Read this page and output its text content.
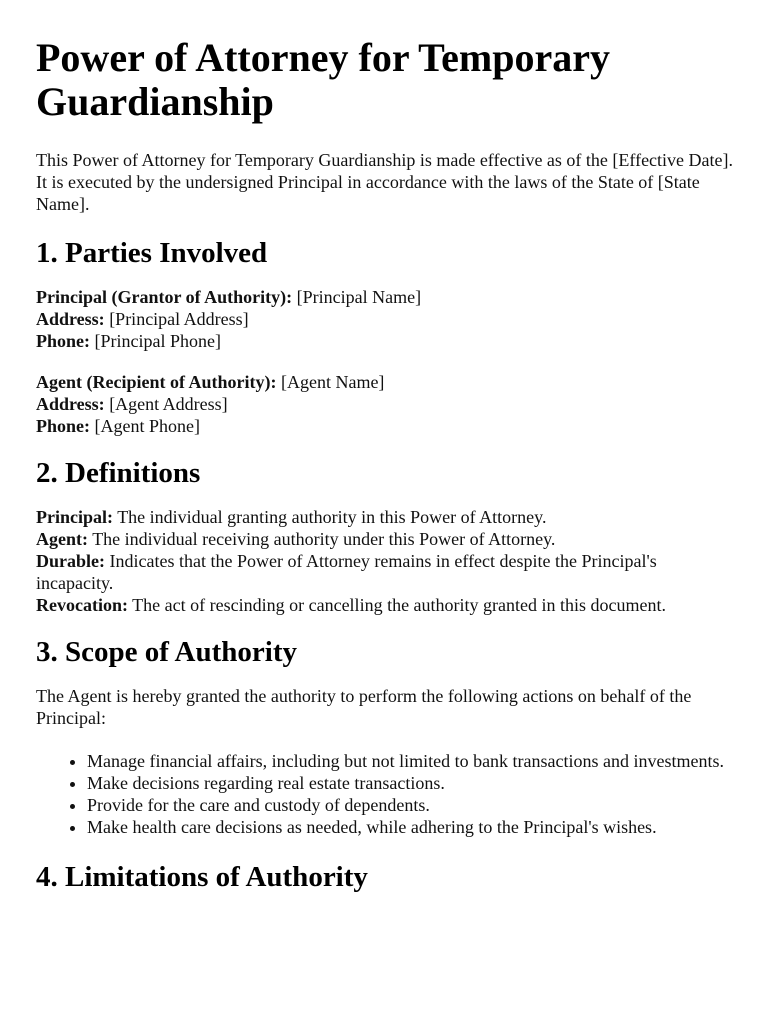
Power of Attorney for Temporary Guardianship

This Power of Attorney for Temporary Guardianship is made effective as of the [Effective Date]. It is executed by the undersigned Principal in accordance with the laws of the State of [State Name].

1. Parties Involved
Principal (Grantor of Authority): [Principal Name]
Address: [Principal Address]
Phone: [Principal Phone]
Agent (Recipient of Authority): [Agent Name]
Address: [Agent Address]
Phone: [Agent Phone]
2. Definitions
Principal: The individual granting authority in this Power of Attorney.
Agent: The individual receiving authority under this Power of Attorney.
Durable: Indicates that the Power of Attorney remains in effect despite the Principal's incapacity.
Revocation: The act of rescinding or cancelling the authority granted in this document.
3. Scope of Authority

The Agent is hereby granted the authority to perform the following actions on behalf of the Principal:

• Manage financial affairs, including but not limited to bank transactions and investments.
• Make decisions regarding real estate transactions.
• Provide for the care and custody of dependents.
• Make health care decisions as needed, while adhering to the Principal's wishes.
4. Limitations of Authority
